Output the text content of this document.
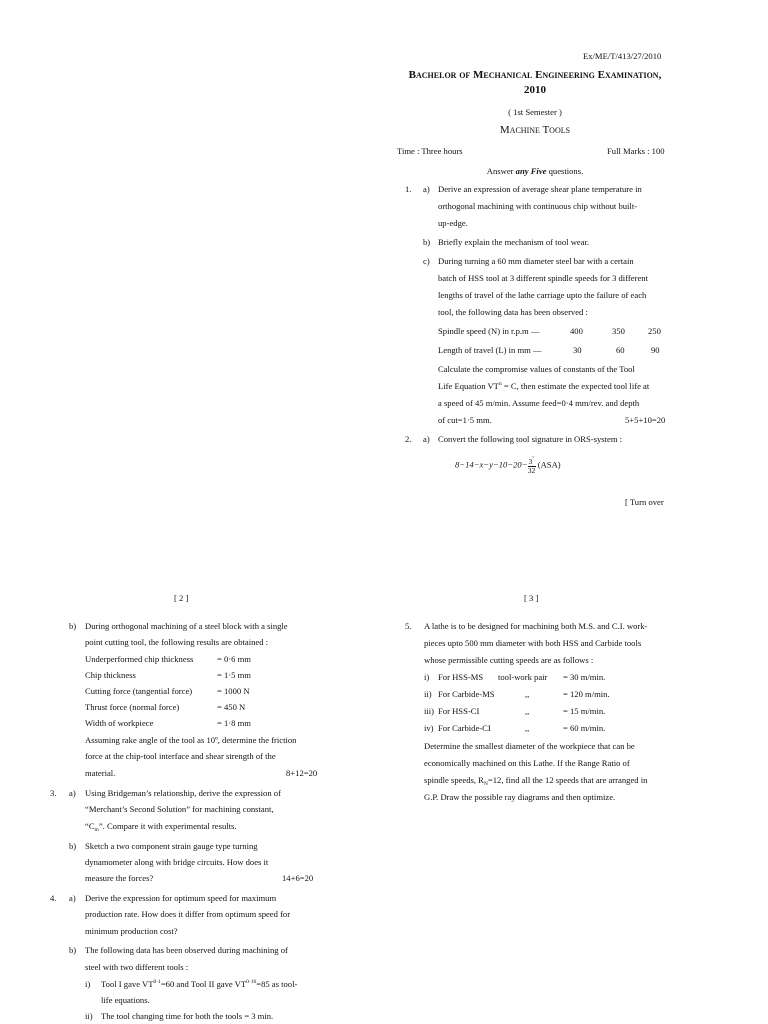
Ex/ME/T/413/27/2010
Bachelor of Mechanical Engineering Examination,
2010
( 1st Semester )
Machine Tools
Time : Three hours	Full Marks : 100
Answer any Five questions.
1. a) Derive an expression of average shear plane temperature in
orthogonal machining with continuous chip without built-
up-edge.
b) Briefly explain the mechanism of tool wear.
c) During turning a 60 mm diameter steel bar with a certain
batch of HSS tool at 3 different spindle speeds for 3 different
lengths of travel of the lathe carriage upto the failure of each
tool, the following data has been observed :
Spindle speed (N) in r.p.m —	400	350	250
Length of travel (L) in mm —	30	60	90
Calculate the compromise values of constants of the Tool
Life Equation $VT^n = C$, then estimate the expected tool life at
a speed of 45 m/min. Assume feed=0·4 mm/rev. and depth
of cut=1·5 mm.	5+5+10=20
2. a) Convert the following tool signature in ORS-system :
$8-14-x-y-10-20- \frac{3''}{32} (ASA)$
[ Turn over
[ 2 ]
b) During orthogonal machining of a steel block with a single
point cutting tool, the following results are obtained :
Underperformed chip thickness	= 0·6 mm
Chip thickness	= 1·5 mm
Cutting force (tangential force)	= 1000 N
Thrust force (normal force)	= 450 N
Width of workpiece	= 1·8 mm
Assuming rake angle of the tool as 10º, determine the friction
force at the chip-tool interface and shear strength of the
material.	8+12=20
3. a) Using Bridgeman’s relationship, derive the expression of
“Merchant’s Second Solution” for machining constant,
“$C_m$”. Compare it with experimental results.
b) Sketch a two component strain gauge type turning
dynamometer along with bridge circuits. How does it
measure the forces?	14+6=20
4. a) Derive the expression for optimum speed for maximum
production rate. How does it differ from optimum speed for
minimum production cost?
b) The following data has been observed during machining of
steel with two different tools :
i) Tool I gave $VT^{0\cdot 1}=60$ and Tool II gave $VT^{0\cdot 16}=85$ as tool-
life equations.
ii) The tool changing time for both the tools = 3 min.
[ 3 ]
5. A lathe is to be designed for machining both M.S. and C.I. work-
pieces upto 500 mm diameter with both HSS and Carbide tools
whose permissible cutting speeds are as follows :
i) For HSS-MS tool-work pair = 30 m/min.
ii) For Carbide-MS	,,	= 120 m/min.
iii) For HSS-CI	,,	= 15 m/min.
iv) For Carbide-CI	,,	= 60 m/min.
Determine the smallest diameter of the workpiece that can be
economically machined on this Lathe. If the Range Ratio of
spindle speeds, $R_N=12$, find all the 12 speeds that are arranged in
G.P. Draw the possible ray diagrams and then optimize.
